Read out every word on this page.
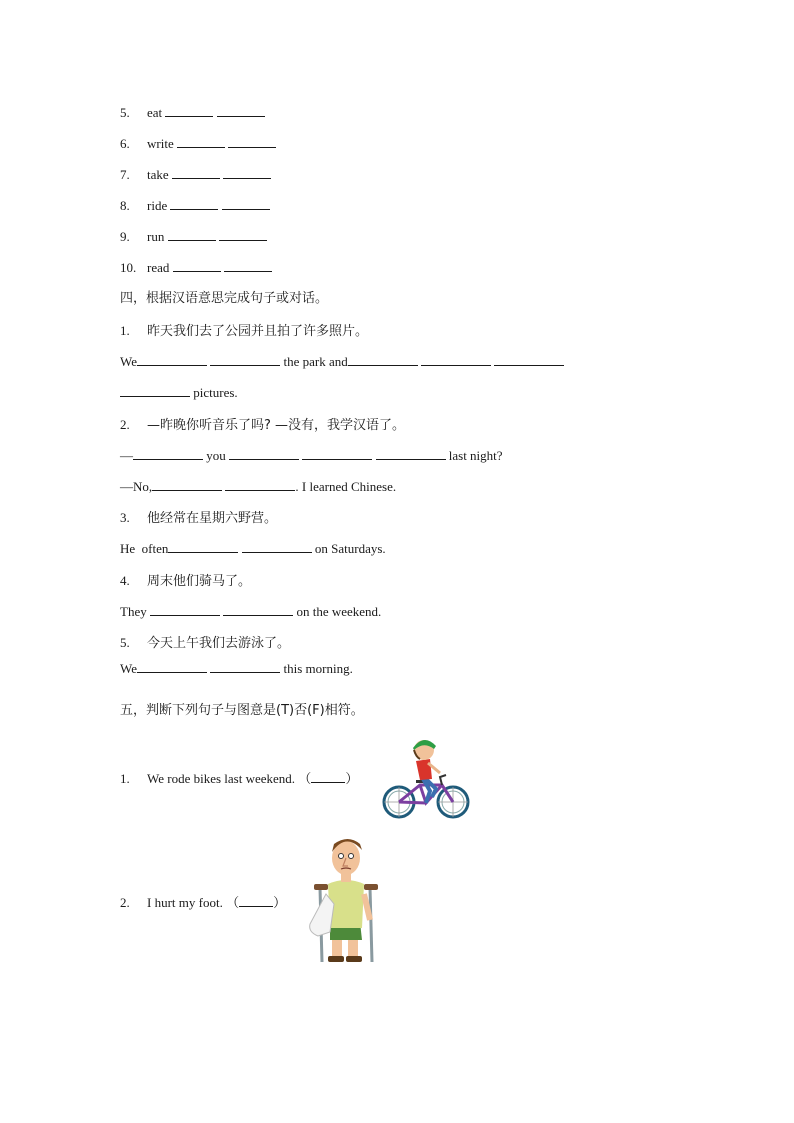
5. eat
6. write
7. take
8. ride
9. run
10. read
四，根据汉语意思完成句子或对话。
1. 昨天我们去了公园并且拍了许多照片。
We	the park and
pictures.
2. —昨晚你听音乐了吗? —没有，我学汉语了。
—	you	last night?
—No,	. I learned Chinese.
3. 他经常在星期六野营。
He  often	on Saturdays.
4. 周末他们骑马了。
They	on the weekend.
5. 今天上午我们去游泳了。
We	this morning.
五，判断下列句子与图意是(T)否(F)相符。
1. We rode bikes last weekend. （	）
2. I hurt my foot. （	）
